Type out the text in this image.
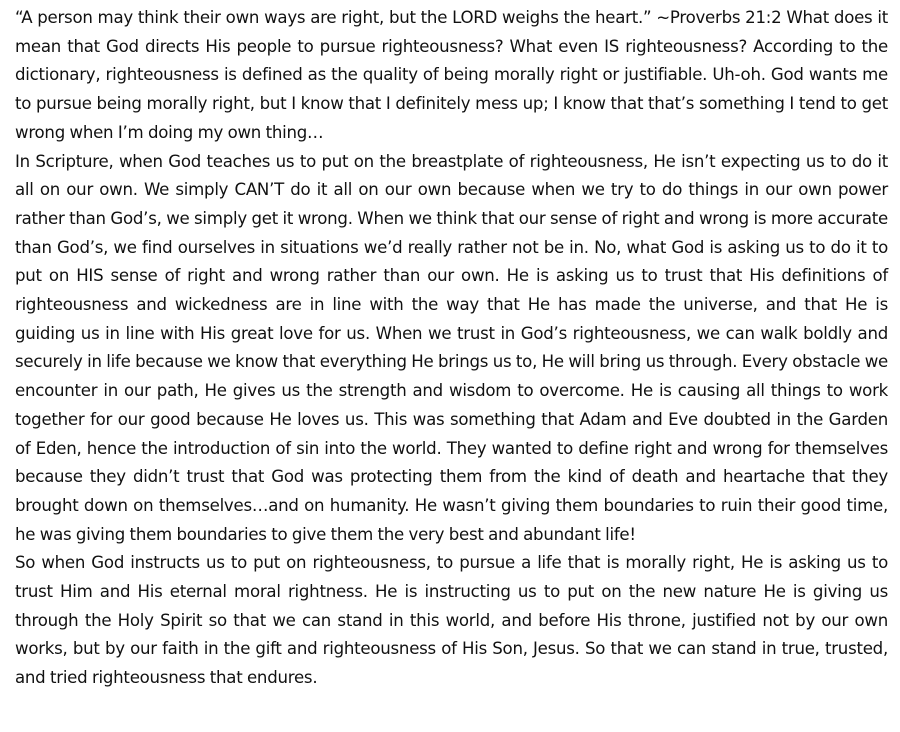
“A person may think their own ways are right, but the LORD weighs the heart.” ~Proverbs 21:2 What does it mean that God directs His people to pursue righteousness? What even IS righteousness? According to the dictionary, righteousness is defined as the quality of being morally right or justifiable. Uh-oh. God wants me to pursue being morally right, but I know that I definitely mess up; I know that that’s something I tend to get wrong when I’m doing my own thing…

In Scripture, when God teaches us to put on the breastplate of righteousness, He isn’t expecting us to do it all on our own. We simply CAN’T do it all on our own because when we try to do things in our own power rather than God’s, we simply get it wrong. When we think that our sense of right and wrong is more accurate than God’s, we find ourselves in situations we’d really rather not be in. No, what God is asking us to do it to put on HIS sense of right and wrong rather than our own. He is asking us to trust that His definitions of righteousness and wickedness are in line with the way that He has made the universe, and that He is guiding us in line with His great love for us. When we trust in God’s righteousness, we can walk boldly and securely in life because we know that everything He brings us to, He will bring us through. Every obstacle we encounter in our path, He gives us the strength and wisdom to overcome. He is causing all things to work together for our good because He loves us. This was something that Adam and Eve doubted in the Garden of Eden, hence the introduction of sin into the world. They wanted to define right and wrong for themselves because they didn’t trust that God was protecting them from the kind of death and heartache that they brought down on themselves…and on humanity. He wasn’t giving them boundaries to ruin their good time, he was giving them boundaries to give them the very best and abundant life!

So when God instructs us to put on righteousness, to pursue a life that is morally right, He is asking us to trust Him and His eternal moral rightness. He is instructing us to put on the new nature He is giving us through the Holy Spirit so that we can stand in this world, and before His throne, justified not by our own works, but by our faith in the gift and righteousness of His Son, Jesus. So that we can stand in true, trusted, and tried righteousness that endures.
